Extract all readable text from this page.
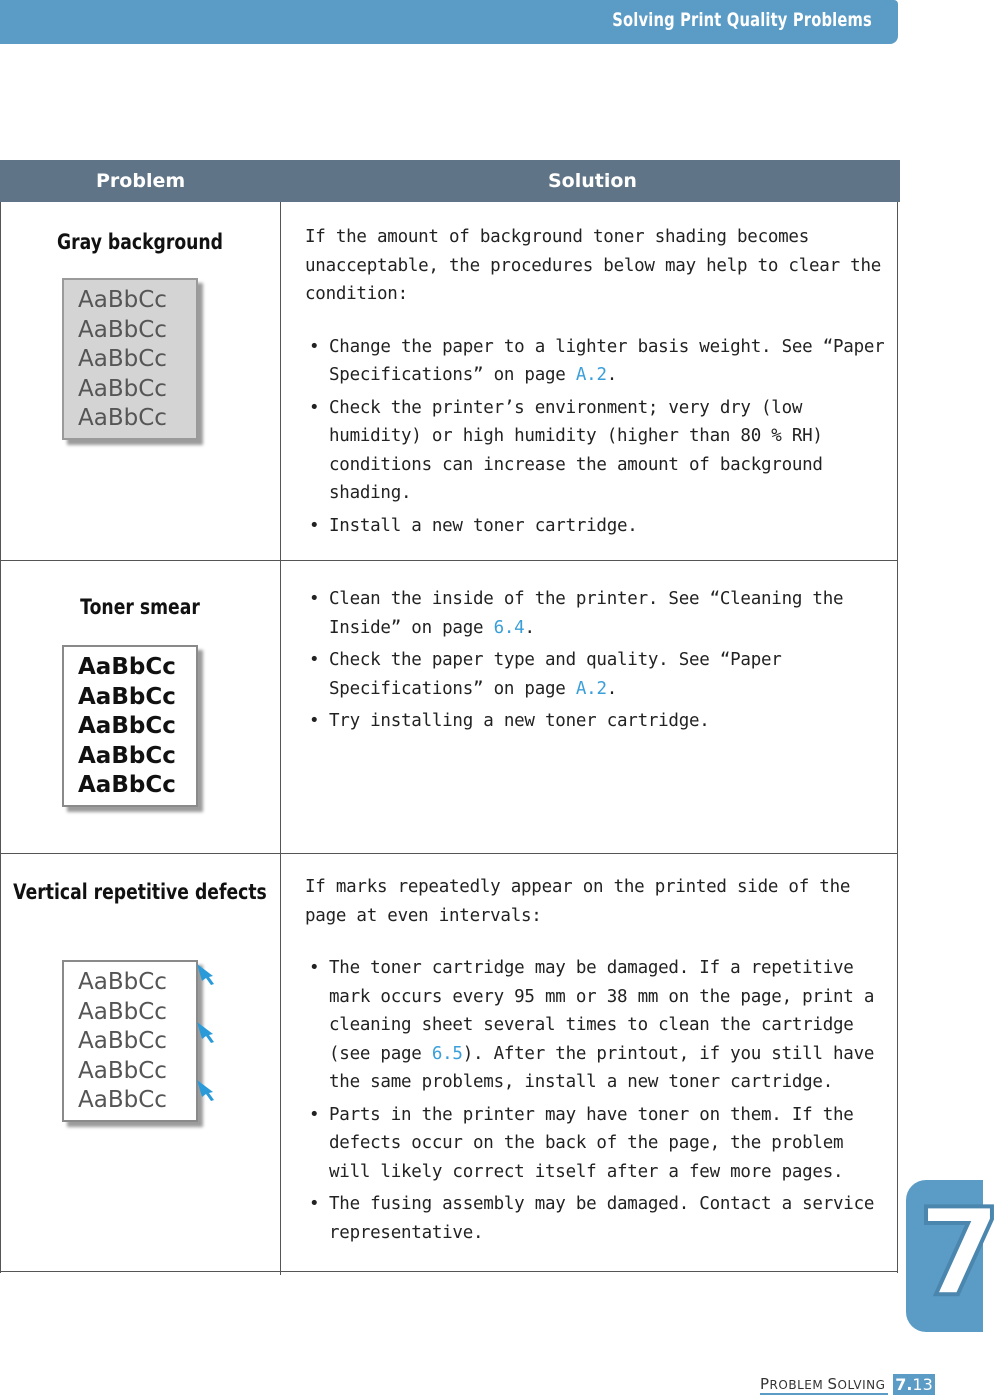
Solving Print Quality Problems
Problem	Solution
Gray background
AaBbCc
AaBbCc
AaBbCc
AaBbCc
AaBbCc

If the amount of background toner shading becomes unacceptable, the procedures below may help to clear the condition:

• Change the paper to a lighter basis weight. See “Paper Specifications” on page A.2.
• Check the printer’s environment; very dry (low humidity) or high humidity (higher than 80 % RH) conditions can increase the amount of background shading.
• Install a new toner cartridge.
Toner smear
AaBbCc
AaBbCc
AaBbCc
AaBbCc
AaBbCc
• Clean the inside of the printer. See “Cleaning the Inside” on page 6.4.
• Check the paper type and quality. See “Paper Specifications” on page A.2.
• Try installing a new toner cartridge.
Vertical repetitive defects
AaBbCc
AaBbCc
AaBbCc
AaBbCc
AaBbCc

If marks repeatedly appear on the printed side of the page at even intervals:

• The toner cartridge may be damaged. If a repetitive mark occurs every 95 mm or 38 mm on the page, print a cleaning sheet several times to clean the cartridge (see page 6.5). After the printout, if you still have the same problems, install a new toner cartridge.
• Parts in the printer may have toner on them. If the defects occur on the back of the page, the problem will likely correct itself after a few more pages.
• The fusing assembly may be damaged. Contact a service representative.	7
PROBLEM SOLVING 7.13
